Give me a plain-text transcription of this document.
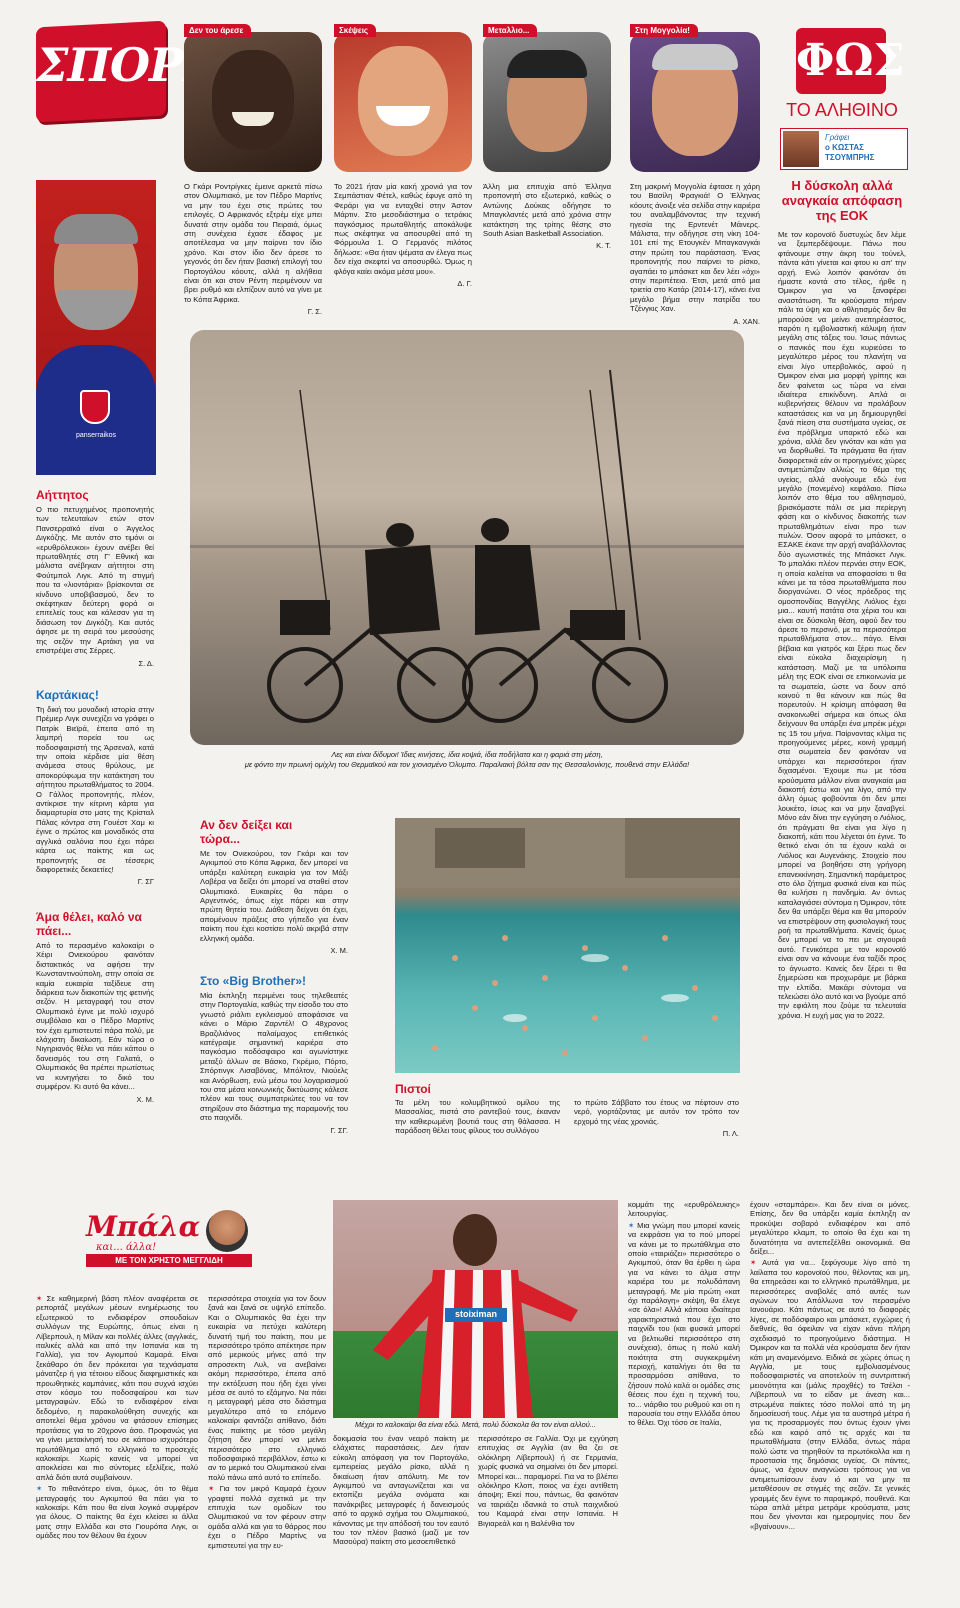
ΣΠΟΡ
Δεν του άρεσε	Σκέψεις	Μεταλλιο...	Στη Μογγολία!

Ο Γκάρι Ροντρίγκες έμεινε αρκετά πίσω στον Ολυμπιακό, με τον Πέδρο Μαρτίνς να μην του έχει στις πρώτες του επιλογές. Ο Αφρικανός εξτρέμ είχε μπει δυνατά στην ομάδα του Πειραιά, όμως στη συνέχεια έχασε έδαφος με αποτέλεσμα να μην παίρνει τον ίδιο χρόνο. Και στον ίδιο δεν άρεσε το γεγονός ότι δεν ήταν βασική επιλογή του Πορτογάλου κόουτς, αλλά η αλήθεια είναι ότι και στον Ρέντη περιμένουν να βρει ρυθμό και ελπίζουν αυτό να γίνει με το Κόπα Άφρικα.

Γ. Σ.

Το 2021 ήταν μία κακή χρονιά για τον Σεμπάστιαν Φέτελ, καθώς έφυγε από τη Φεράρι για να ενταχθεί στην Άστον Μάρτιν. Στο μεσοδιάστημα ο τετράκις παγκόσμιος πρωταθλητής αποκάλυψε πως σκέφτηκε να αποσυρθεί από τη Φόρμουλα 1. Ο Γερμανός πιλότος δήλωσε: «Θα ήταν ψέματα αν έλεγα πως δεν είχα σκεφτεί να αποσυρθώ. Όμως η φλόγα καίει ακόμα μέσα μου».

Δ. Γ.

Άλλη μια επιτυχία από Έλληνα προπονητή στο εξωτερικό, καθώς ο Αντώνης Δούκας οδήγησε το Μπαγκλαντές μετά από χρόνια στην κατάκτηση της τρίτης θέσης στο South Asian Basketball Association.

Κ. Τ.

Στη μακρινή Μογγολία έφτασε η χάρη του Βασίλη Φραγκιά! Ο Έλληνας κόουτς άνοιξε νέα σελίδα στην καριέρα του αναλαμβάνοντας την τεχνική ηγεσία της Ερντενέτ Μάινερς. Μάλιστα, την οδήγησε στη νίκη 104-101 επί της Ετουγκέν Μπαγκανγκάι στην πρώτη του παράσταση. Ένας προπονητής που παίρνει το ρίσκο, αγαπάει το μπάσκετ και δεν λέει «όχι» στην περιπέτεια. Έτσι, μετά από μια τριετία στο Κατάρ (2014-17), κάνει ένα μεγάλο βήμα στην πατρίδα του Τζένγκις Χαν.

Α. ΧΑΝ.
ΦΩΣ
ΤΟ ΑΛΗΘΙΝΟ
Γράφει
ο ΚΩΣΤΑΣ ΤΣΟΥΜΠΡΗΣ
Η δύσκολη αλλά αναγκαία απόφαση της ΕΟΚ

Με τον κορονοϊό δυστυχώς δεν λέμε να ξεμπερδέψουμε. Πάνω που φτάνουμε στην άκρη του τούνελ, πάντα κάτι γίνεται και φτου κι απ' την αρχή. Ενώ λοιπόν φαινόταν ότι ήμαστε κοντά στο τέλος, ήρθε η Όμικρον για να ξαναφέρει αναστάτωση. Τα κρούσματα πήραν πάλι τα ύψη και ο αθλητισμός δεν θα μπορούσε να μείνει ανεπηρέαστος, παρότι η εμβολιαστική κάλυψη ήταν μεγάλη στις τάξεις του. Ίσως πάντως ο πανικός που έχει κυριεύσει το μεγαλύτερο μέρος του πλανήτη να είναι λίγο υπερβολικός, αφού η Όμικρον είναι μια μορφή γρίπης και δεν φαίνεται ως τώρα να είναι ιδιαίτερα επικίνδυνη. Απλά οι κυβερνήσεις θέλουν να προλάβουν καταστάσεις και να μη δημιουργηθεί ξανά πίεση στα συστήματα υγείας, σε ένα πρόβλημα υπαρκτό εδώ και χρόνια, αλλά δεν γινόταν και κάτι για να διορθωθεί. Τα πράγματα θα ήταν διαφορετικά εάν οι προηγμένες χώρες αντιμετώπιζαν αλλιώς το θέμα της υγείας, αλλά ανοίγουμε εδώ ένα μεγάλο (πονεμένο) κεφάλαιο. Πίσω λοιπόν στο θέμα του αθλητισμού, βρισκόμαστε πάλι σε μια περίεργη φάση και ο κίνδυνος διακοπής των πρωταθλημάτων είναι προ των πυλών. Όσον αφορά το μπάσκετ, ο ΕΣΑΚΕ έκανε την αρχή αναβάλλοντας δύο αγωνιστικές της Μπάσκετ Λιγκ. Το μπαλάκι πλέον περνάει στην ΕΟΚ, η οποία καλείται να αποφασίσει τι θα κάνει με τα τόσα πρωταθλήματα που διοργανώνει. Ο νέος πρόεδρος της ομοσπονδίας Βαγγέλης Λιόλιος έχει μια... καυτή πατάτα στα χέρια του και είναι σε δύσκολη θέση, αφού δεν του άρεσε το περσινό, με τα περισσότερα πρωταθλήματα στον... πάγο. Είναι βέβαια και γιατρός και ξέρει πως δεν είναι εύκολα διαχειρίσιμη η κατάσταση. Μαζί με τα υπόλοιπα μέλη της ΕΟΚ είναι σε επικοινωνία με τα σωματεία, ώστε να δουν από κοινού τι θα κάνουν και πώς θα πορευτούν. Η κρίσιμη απόφαση θα ανακοινωθεί σήμερα και όπως όλα δείχνουν θα υπάρξει ένα μπρέικ μέχρι τις 15 του μήνα. Παίρνοντας κλίμα τις προηγούμενες μέρες, κοινή γραμμή στα σωματεία δεν φαινόταν να υπάρχει και περισσότεροι ήταν διχασμένοι. Έχουμε πω με τόσα κρούσματα μάλλον είναι αναγκαία μια διακοπή έστω και για λίγο, από την άλλη όμως φοβούνται ότι δεν μπει λουκέτο, ίσως και να μην ξαναβγεί. Μόνο εάν δίνει την εγγύηση ο Λιόλιος, ότι πράγματι θα είναι για λίγο η διακοπή, κάτι που λέγεται ότι έγινε. Το θετικό είναι ότι τα έχουν καλά οι Λιόλιος και Αυγενάκης. Στοιχείο που μπορεί να βοηθήσει στη γρήγορη επανεκκίνηση. Σημαντική παράμετρος στο όλο ζήτημα φυσικά είναι και πώς θα κυλήσει η πανδημία. Αν όντως καταλαγιάσει σύντομα η Όμικρον, τότε δεν θα υπάρξει θέμα και θα μπορούν να επιστρέψουν στη φυσιολογική τους ροή τα πρωταθλήματα. Κανείς όμως δεν μπορεί να το πει με σιγουριά αυτό. Γενικότερα με τον κορονοϊό είναι σαν να κάνουμε ένα ταξίδι προς το άγνωστο. Κανείς δεν ξέρει τι θα ξημερώσει και προχωράμε με βάρκα την ελπίδα. Μακάρι σύντομα να τελειώσει όλο αυτό και να βγούμε από την εφιάλτη που ζούμε τα τελευταία χρόνια. Η ευχή μας για το 2022.

panserraikos
Αήττητος

Ο πιο πετυχημένος προπονητής των τελευταίων ετών στον Πανσερραϊκό είναι ο Άγγελος Διγκόζης. Με αυτόν στο τιμόνι οι «ερυθρόλευκοι» έχουν ανέβει θεί πρωταθλητές στη Γ' Εθνική και μάλιστα ανέβηκαν αήττητοι στη Φούτμπολ Λιγκ. Από τη στιγμή που τα «λιοντάρια» βρίσκονται σε κίνδυνο υποβιβασμού, δεν το σκέφτηκαν δεύτερη φορά οι επιτελείς τους και κάλεσαν για τη διάσωση τον Διγκόζη. Και αυτός άφησε με τη σειρά του μεσούσης της σεζόν την Αρτάκη για να επιστρέψει στις Σέρρες.

Σ. Δ.
Καρτάκιας!

Τη δική του μοναδική ιστορία στην Πρέμιερ Λιγκ συνεχίζει να γράφει ο Πατρίκ Βιεϊρά, έπειτα από τη λαμπρή πορεία του ως ποδοσφαιριστή της Άρσεναλ, κατά την οποία κέρδισε μία θέση ανάμεσα στους θρύλους, με αποκορύφωμα την κατάκτηση του αήττητου πρωταθλήματος το 2004. Ο Γάλλος προπονητής, πλέον, αντίκρισε την κίτρινη κάρτα για διαμαρτυρία στο ματς της Κρίσταλ Πάλας κόντρα στη Γουέστ Χαμ κι έγινε ο πρώτος και μοναδικός στα αγγλικά σαλόνια που έχει πάρει κάρτα ως παίκτης και ως προπονητής σε τέσσερις διαφορετικές δεκαετίες!

Γ. ΣΓ
Άμα θέλει, καλό να πάει...

Από το περασμένο καλοκαίρι ο Χέιρι Ονιεκούρου φαινόταν διστακτικός να αφήσει την Κωνσταντινούπολη, στην οποία σε καμία ευκαιρία ταξίδευε στη διάρκεια των διακοπών της φετινής σεζόν. Η μεταγραφή του στον Ολυμπιακό έγινε με πολύ ισχυρό συμβόλαιο και ο Πέδρο Μαρτίνς τον έχει εμπιστευτεί πάρα πολύ, με ελάχιστη δικαίωση. Εάν τώρα ο Νιγηριανός θέλει να πάει κάπου ο δανεισμός του στη Γαλατά, ο Ολυμπιακός θα πρέπει πρωτίστως να κυνηγήσει το δικό του συμφέρον. Κι αυτό θα κάνει...

Χ. Μ.
Λες και είναι δίδυμοι! Ίδιες κινήσεις, ίδια κοψιά, ίδια ποδήλατα και η φαριά στη μέση,
με φόντο την πρωινή ομίχλη του Θερμαϊκού και τον χιονισμένο Όλυμπο. Παραλιακή βόλτα σαν της Θεσσαλονίκης, πουθενά στην Ελλάδα!
Αν δεν δείξει και τώρα...

Με τον Ονιεκούρου, τον Γκάρι και τον Αγκιμπού στο Κόπα Άφρικα, δεν μπορεί να υπάρξει καλύτερη ευκαιρία για τον Μάξι Λοβέρα να δείξει ότι μπορεί να σταθεί στον Ολυμπιακό. Ευκαιρίες θα πάρει ο Αργεντινός, όπως είχε πάρει και στην πρώτη θητεία του. Διάθεση δείχνει ότι έχει, απομένουν πράξεις στο γήπεδο για έναν παίκτη που έχει κοστίσει πολύ ακριβά στην ελληνική ομάδα.

Χ. Μ.
Στο «Big Brother»!

Μία έκπληξη περιμένει τους τηλεθεατές στην Πορτογαλία, καθώς την είσοδο του στο γνωστό ριάλιτι εγκλεισμού αποφάσισε να κάνει ο Μάριο Ζαρντέλ! Ο 48χρονος Βραζιλιάνος παλαίμαχος επιθετικός κατέγραψε σημαντική καριέρα στο παγκόσμιο ποδόσφαιρο και αγωνίστηκε μεταξύ άλλων σε Βάσκο, Γκρέμιο, Πόρτο, Σπόρτινγκ Λισαβόνας, Μπόλτον, Νιούελς και Ανόρθωση, ενώ μέσω του λογαριασμού του στα μέσα κοινωνικής δικτύωσης κάλεσε πλέον και τους συμπατριώτες του να τον στηρίξουν στο διάστημα της παραμονής του στο παιχνίδι.

Γ. ΣΓ.
Πιστοί

Τα μέλη του κολυμβητικού ομίλου της Μασσαλίας, πιστά στο ραντεβού τους, έκαναν την καθιερωμένη βουτιά τους στη θάλασσα. Η παράδοση θέλει τους φίλους του συλλόγου

το πρώτο Σάββατο του έτους να πέφτουν στο νερό, γιορτάζοντας με αυτόν τον τρόπο τον ερχομό της νέας χρονιάς.

Π. Λ.
Μπάλα
και... άλλα!
ΜΕ ΤΟΝ ΧΡΗΣΤΟ ΜΕΓΓΛΙΔΗ
stoiximan
Μέχρι το καλοκαίρι θα είναι εδώ. Μετά, πολύ δύσκολα θα τον είναι αλλού...

✶ Σε καθημερινή βάση πλέον αναφέρεται σε ρεπορτάζ μεγάλων μέσων ενημέρωσης του εξωτερικού το ενδιαφέρον σπουδαίων συλλόγων της Ευρώπης, όπως είναι η Λίβερπουλ, η Μίλαν και πολλές άλλες (αγγλικές, ιταλικές αλλά και από την Ισπανία και τη Γαλλία), για τον Αγκιμπού Καμαρά. Είναι ξεκάθαρο ότι δεν πρόκειται για τεχνάσματα μάνατζερ ή για τέτοιου είδους διαφημιστικές και προωθητικές καμπάνιες, κάτι που συχνά ισχύει στον κόσμο του ποδοσφαίρου και των μεταγραφών. Εδώ το ενδιαφέρον είναι δεδομένο, η παρακολούθηση συνεχής και αποτελεί θέμα χρόνου να φτάσουν επίσημες προτάσεις για το 20χρονο άσο. Προφανώς για να γίνει μετακίνησή του σε κάποιο ισχυρότερο πρωτάθλημα από το ελληνικό το προσεχές καλοκαίρι. Χωρίς κανείς να μπορεί να αποκλείσει και πιο σύντομες εξελίξεις, πολύ απλά διότι αυτά συμβαίνουν.

✶ Το πιθανότερο είναι, όμως, ότι το θέμα μεταγραφής του Αγκιμπού θα πάει για το καλοκαίρι. Κάτι που θα είναι λογικό συμφέρον για όλους. Ο παίκτης θα έχει κλείσει κι άλλα ματς στην Ελλάδα και στο Γιουρόπα Λιγκ, οι ομάδες που τον θέλουν θα έχουν

περισσότερα στοιχεία για τον δουν ξανά και ξανά σε υψηλό επίπεδο. Και ο Ολυμπιακός θα έχει την ευκαιρία να πετύχει καλύτερη δυνατή τιμή του παίκτη, που με περισσότερο τρόπο απέκτησε πριν από μερικούς μήνες από την απροσεκτη Λυλ, να ανεβαίνει ακόμη περισσότερο, έπειτα από την εκτόξευση που ήδη έχει γίνει μέσα σε αυτό το εξάμηνο. Να πάει η μεταγραφή μέσα στο διάστημα μεγαλύτερο από το επόμενο καλοκαίρι φαντάζει απίθανο, διότι ένας παίκτης με τόσο μεγάλη ζήτηση δεν μπορεί να μείνει περισσότερο στο ελληνικό ποδοσφαιρικό περιβάλλον, έστω κι αν το μερικό του Ολυμπιακού είναι πολύ πάνω από αυτό το επίπεδο.

✶ Για τον μικρό Καμαρά έχουν γραφτεί πολλά σχετικά με την επιτυχία των ομοδίων του Ολυμπιακού να τον φέρουν στην ομάδα αλλά και για το θάρρος που έχει ο Πέδρο Μαρτίνς να εμπιστευτεί για την ευ-

δοκιμασία του έναν νεαρό παίκτη με ελάχιστες παραστάσεις. Δεν ήταν εύκολη απόφαση για τον Πορτογάλο, εμπειρείας μεγάλο ρίσκο, αλλά η δικαίωση ήταν απόλυτη. Με τον Αγκιμπού να ανταγωνίζεται και να εκτοπίζει μεγάλα ονόματα και πανάκριβες μεταγραφές ή δανεισμούς από το αρχικό σχήμα του Ολυμπιακού, κάνοντας με την απόδοσή του τον εαυτό του τον πλέον βασικό (μαζί με τον Μασούρα) παίκτη στο μεσοεπιθετικό

περισσότερο σε Γαλλία. Όχι με εχγύηση επιτυχίας σε Αγγλία (αν θα ζει σε ολόκληρη Λίβερπουλ) ή σε Γερμανία, χωρίς φυσικά να σημαίνει ότι δεν μπορεί. Μπορεί και... παραμορεί. Για να το βλέπει ολόκληρο Κλοπ, ποιος να έχει αντίθετη άποψη; Εκεί που, πάντως, θα φαινόταν να ταιριάζει ιδανικά το στυλ παιχνιδιού του Καμαρά είναι στην Ισπανία. Η Βιγιαρεάλ και η Βαλένθια τον

κομμάτι της «ερυθρόλευκης» λειτουργίας.

✶ Μια γνώμη που μπορεί κανείς να εκφράσει για το πού μπορεί να κάνει με το πρωτάθλημα στο οποίο «ταιριάζει» περισσότερο ο Αγκιμπού, όταν θα έρθει η ώρα για να κάνει το άλμα στην καριέρα του με πολυδάπανη μεταγραφή. Με μία πρώτη «κατ όχι παράλογη» σκέψη, θα έλεγε «σε όλα»! Αλλά κάποια ιδιαίτερα χαρακτηριστικά που έχει στο παιχνίδι του (και φυσικά μπορεί να βελτιωθεί περισσότερο στη συνέχεια), όπως η πολύ καλή ποιότητα στη συγκεκριμένη περιοχή, καταλήγει ότι θα τα προσαρμόσει απίθανα, το ζήσουν πολύ καλά οι ομάδες στις θέσεις που έχει η τεχνική του, το... νιάρθιο του ρυθμού και οτι η παρουσία του στην Ελλάδα όπου το θέλει. Όχι τόσο σε Ιταλία,

έχουν «σταμπάρει». Και δεν είναι οι μόνες. Επίσης, δεν θα υπάρξει καμία έκπληξη αν προκύψει σοβαρό ενδιαφέρον και από μεγαλύτερο κλαμπ, το οποίο θα έχει και τη δυνατότητα να αντεπεξέλθει οικονομικά. Θα δείξει...

✶ Αυτά για να... ξεφύγουμε λίγο από τη λαίλαπα του κορονοϊού που, θέλοντας και μη, θα επηρεάσει και το ελληνικό πρωτάθλημα, με περισσότερες αναβολές από αυτές των αγώνων του Απόλλωνα τον περασμένο Ιανουάριο. Κάτι πάντως σε αυτό το διαφορές λίγες, σε ποδόσφαιρο και μπάσκετ, εγχώριες ή διεθνείς, θα όφειλαν να είχαν κάνει πλήρη σχεδιασμό το προηγούμενο διάστημα. Η Όμικρον και τα πολλά νέα κρούσματα δεν ήταν κάτι μη αναμενόμενο. Ειδικά σε χώρες όπως η Αγγλία, με τους εμβολιασμένους ποδοσφαιριστές να αποτελούν τη συντριπτική μειονότητα και (μάλις προχθές) το Τσέλσι - Λίβερπουλ να το είδαν με άνεση και... στρωμένα παίκτες τόσο πολλοί από τη μη δημοσίευσή τους. Λέμε για τα αυστηρά μέτρα ή για τις προσαρμογές που όντως έχουν γίνει εδώ και καιρό από τις αρχές και τα πρωταθλήματα (στην Ελλάδα, όντως πάρα πολύ ώστε να τηρηθούν τα πρωτόκολλα και η προστασία της δημόσιας υγείας. Οι πάντες, όμως, να έχουν αναγνώσει τρόπους για να αντιμετωπίσουν έναν ιό και να μην τα μεταθέσουν σε στιγμές της σεζόν. Σε γενικές γραμμές δεν έγινε το παραμικρό, πουθενά. Και τώρα απλά μέτρα μετράμε κρούσματα, ματς που δεν γίνονται και ημερομηνίες που δεν «βγαίνουν»...
